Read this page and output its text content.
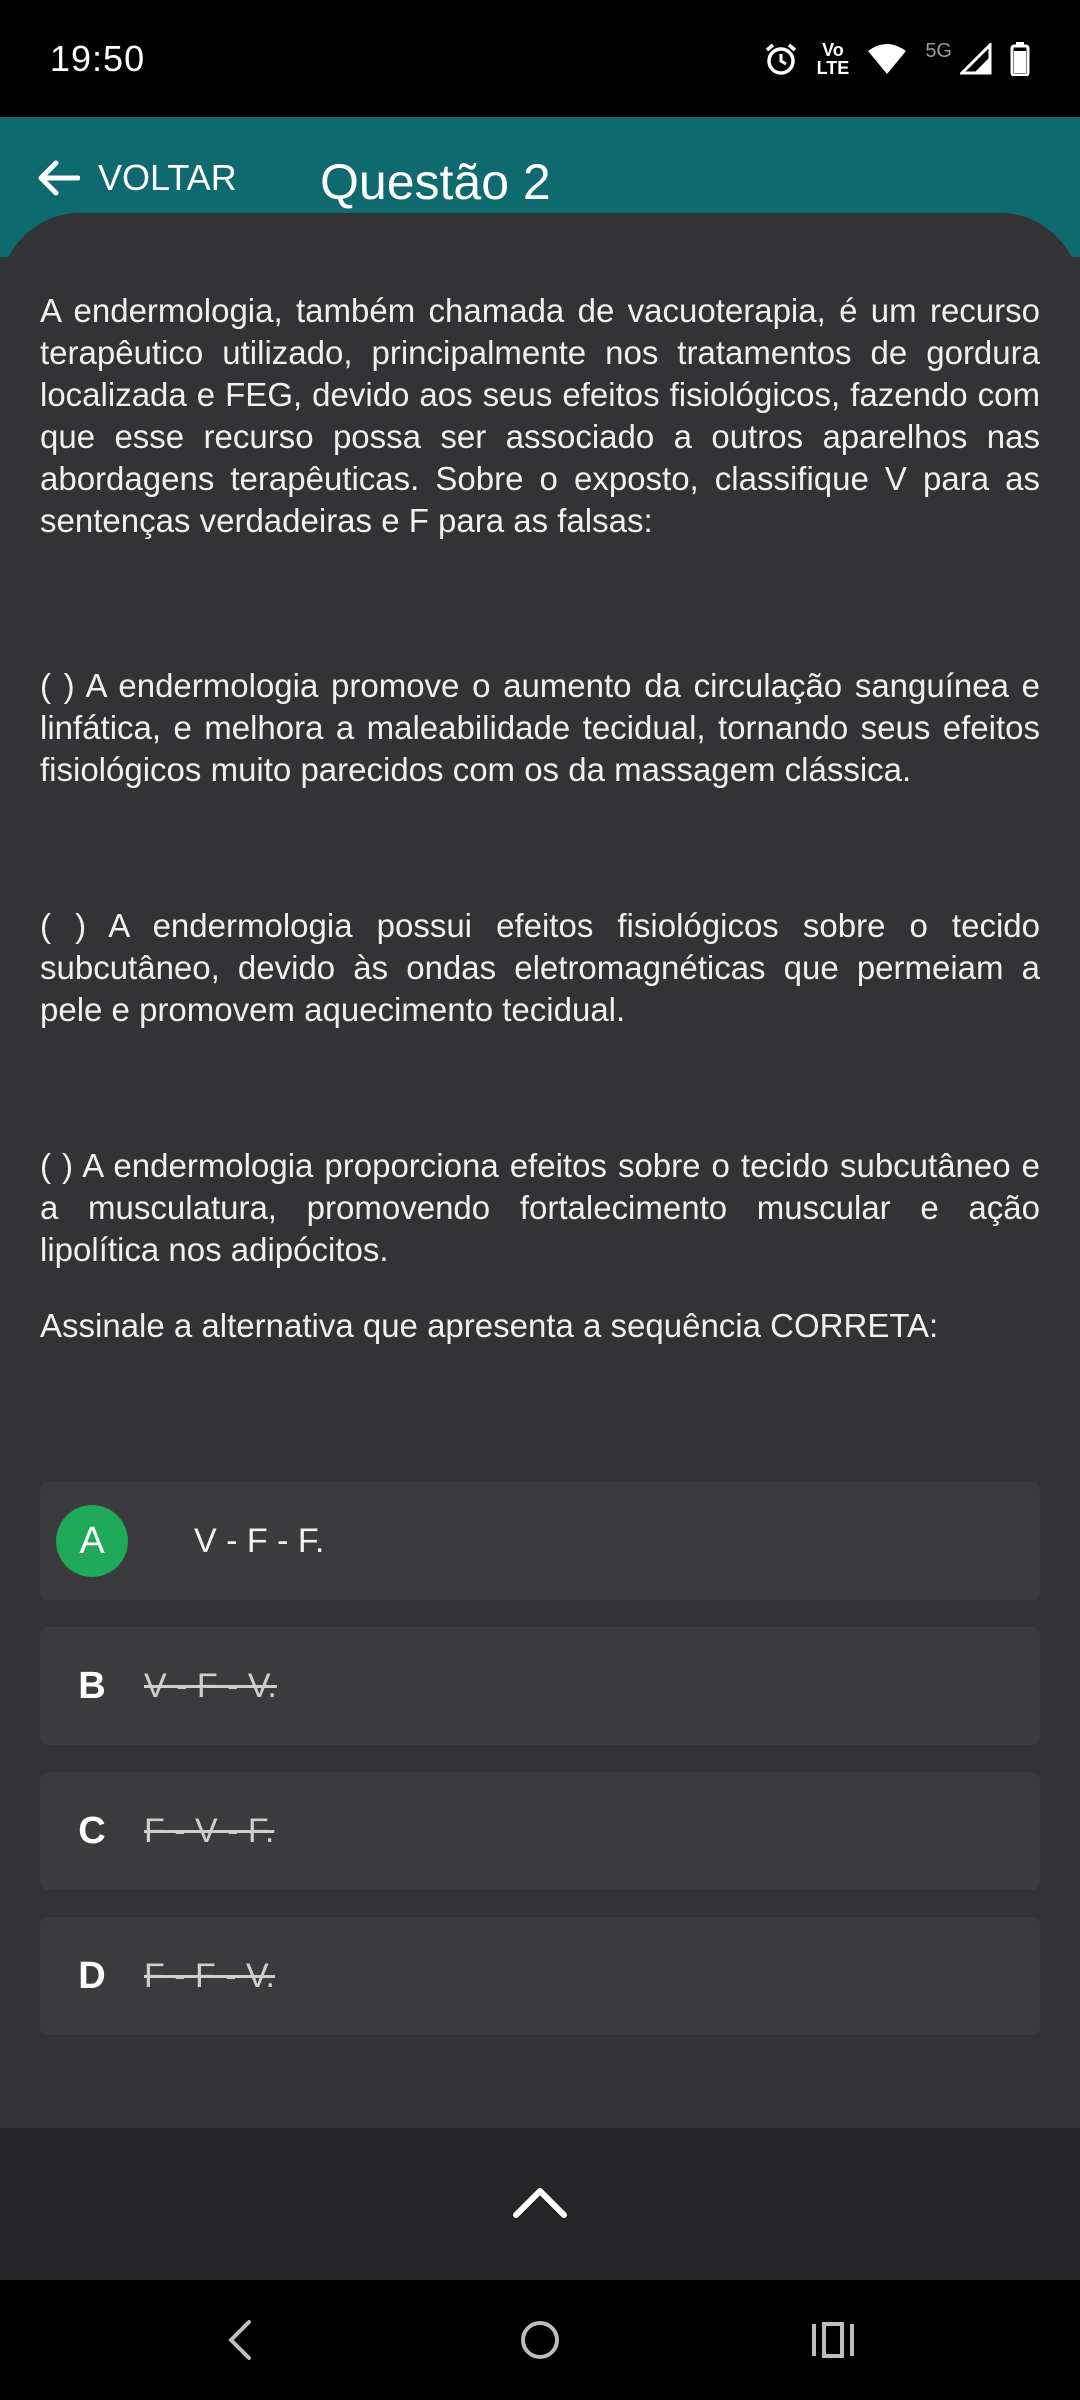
19:50	Vo
LTE
5G
VOLTAR Questão 2

A endermologia, também chamada de vacuoterapia, é um recurso terapêutico utilizado, principalmente nos tratamentos de gordura localizada e FEG, devido aos seus efeitos fisiológicos, fazendo com que esse recurso possa ser associado a outros aparelhos nas abordagens terapêuticas. Sobre o exposto, classifique V para as sentenças verdadeiras e F para as falsas:

( ) A endermologia promove o aumento da circulação sanguínea e linfática, e melhora a maleabilidade tecidual, tornando seus efeitos fisiológicos muito parecidos com os da massagem clássica.

( ) A endermologia possui efeitos fisiológicos sobre o tecido subcutâneo, devido às ondas eletromagnéticas que permeiam a pele e promovem aquecimento tecidual.

( ) A endermologia proporciona efeitos sobre o tecido subcutâneo e a musculatura, promovendo fortalecimento muscular e ação lipolítica nos adipócitos.

Assinale a alternativa que apresenta a sequência CORRETA:

A	V - F - F.
B	V - F - V.
C	F - V - F.
D	F - F - V.
